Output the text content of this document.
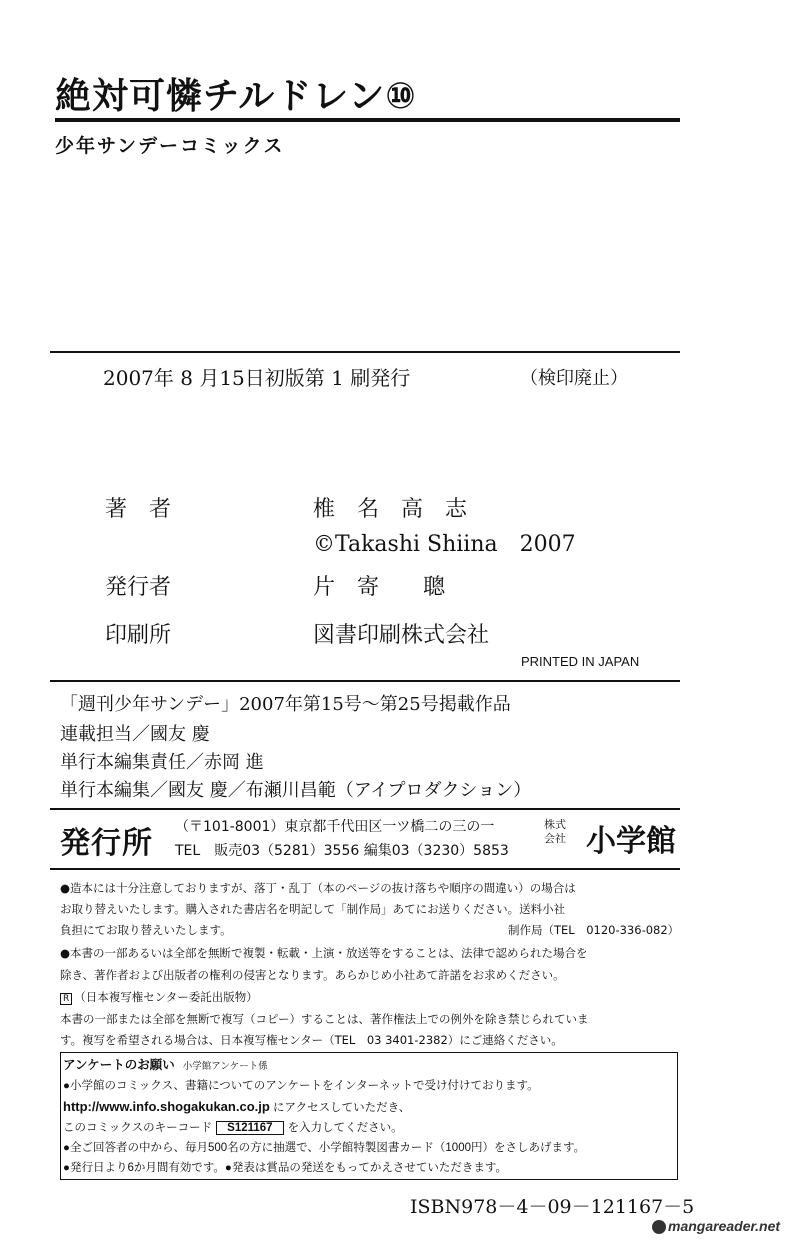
絶対可憐チルドレン⑩
少年サンデーコミックス
2007年 8 月15日初版第 1 刷発行	（検印廃止）
著　者	椎　名　高　志
©Takashi Shiina　2007
発行者	片　寄　　聰
印刷所	図書印刷株式会社
PRINTED IN JAPAN
「週刊少年サンデー」2007年第15号～第25号掲載作品
連載担当／國友 慶
単行本編集責任／赤岡 進
単行本編集／國友 慶／布瀬川昌範（アイプロダクション）
発行所 （〒101-8001）東京都千代田区一ツ橋二の三の一
TEL　販売03（5281）3556 編集03（3230）5853
株式 会社 小学館
●造本には十分注意しておりますが、落丁・乱丁（本のページの抜け落ちや順序の間違い）の場合は
お取り替えいたします。購入された書店名を明記して「制作局」あてにお送りください。送料小社
負担にてお取り替えいたします。	制作局（TEL　0120-336-082）
●本書の一部あるいは全部を無断で複製・転載・上演・放送等をすることは、法律で認められた場合を
除き、著作者および出版者の権利の侵害となります。あらかじめ小社あて許諾をお求めください。
R （日本複写権センター委託出版物）
本書の一部または全部を無断で複写（コピー）することは、著作権法上での例外を除き禁じられていま
す。複写を希望される場合は、日本複写権センター（TEL　03 3401-2382）にご連絡ください。
アンケートのお願い 小学館アンケート係
●小学館のコミックス、書籍についてのアンケートをインターネットで受け付けております。
http://www.info.shogakukan.co.jp にアクセスしていただき、
このコミックスのキーコード S121167 を入力してください。
●全ご回答者の中から、毎月500名の方に抽選で、小学館特製図書カード（1000円）をさしあげます。
●発行日より6か月間有効です。●発表は賞品の発送をもってかえさせていただきます。
ISBN978－4－09－121167－5
mangareader.net
